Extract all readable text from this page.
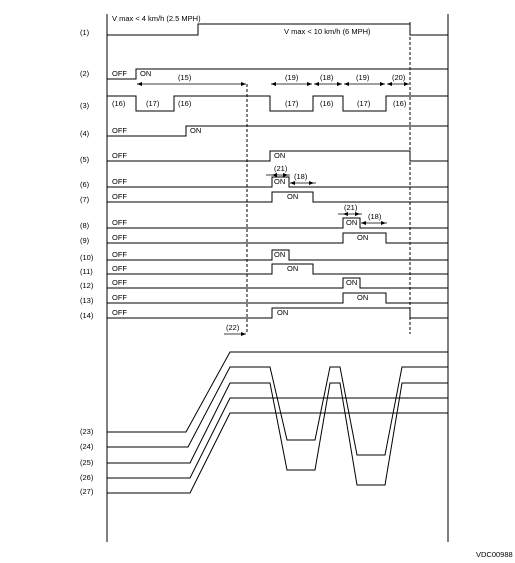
(1)
(2)
(3)
(4)
(5)
(6)
(7)
(8)
(9)
(10)
(11)
(12)
(13)
(14)
V max < 4 km/h (2.5 MPH)
V max < 10 km/h (6 MPH)
OFF ON	(15)
(16)	(17) (16)	(17)	(16)	(17)	(16)
(19)	(18)	(19)	(20)
OFF	ON
OFF	ON
(21)
(18)
OFF	ON
OFF	ON
(21)
(18)
OFF	ON
OFF	ON
OFF	ON
OFF	ON
OFF	ON
OFF	ON
OFF	ON
(22)
(23)
(24)
(25)
(26)
(27)
VDC00988
